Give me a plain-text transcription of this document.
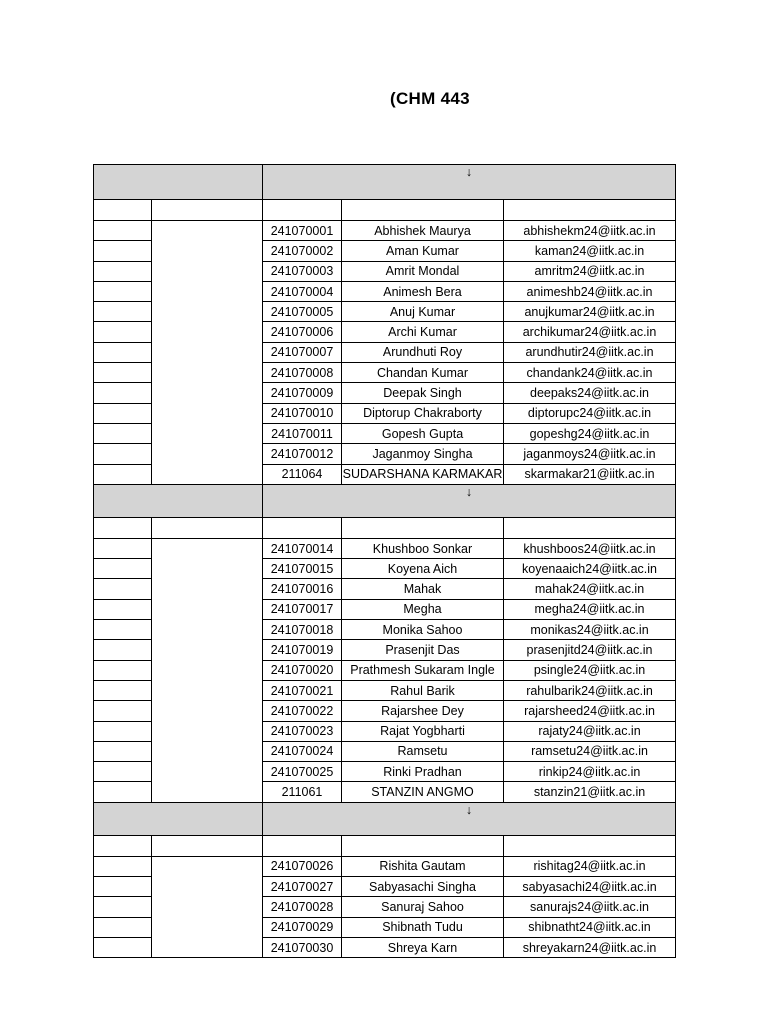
(CHM 443
		↓		

		241070001	Abhishek Maurya	abhishekm24@iitk.ac.in
		241070002	Aman Kumar	kaman24@iitk.ac.in
		241070003	Amrit Mondal	amritm24@iitk.ac.in
		241070004	Animesh Bera	animeshb24@iitk.ac.in
		241070005	Anuj Kumar	anujkumar24@iitk.ac.in
		241070006	Archi Kumar	archikumar24@iitk.ac.in
		241070007	Arundhuti Roy	arundhutir24@iitk.ac.in
		241070008	Chandan Kumar	chandank24@iitk.ac.in
		241070009	Deepak Singh	deepaks24@iitk.ac.in
		241070010	Diptorup Chakraborty	diptorupc24@iitk.ac.in
		241070011	Gopesh Gupta	gopeshg24@iitk.ac.in
		241070012	Jaganmoy Singha	jaganmoys24@iitk.ac.in
		211064	SUDARSHANA KARMAKAR	skarmakar21@iitk.ac.in
		↓		

		241070014	Khushboo Sonkar	khushboos24@iitk.ac.in
		241070015	Koyena Aich	koyenaaich24@iitk.ac.in
		241070016	Mahak	mahak24@iitk.ac.in
		241070017	Megha	megha24@iitk.ac.in
		241070018	Monika Sahoo	monikas24@iitk.ac.in
		241070019	Prasenjit Das	prasenjitd24@iitk.ac.in
		241070020	Prathmesh Sukaram Ingle	psingle24@iitk.ac.in
		241070021	Rahul Barik	rahulbarik24@iitk.ac.in
		241070022	Rajarshee Dey	rajarsheed24@iitk.ac.in
		241070023	Rajat Yogbharti	rajaty24@iitk.ac.in
		241070024	Ramsetu	ramsetu24@iitk.ac.in
		241070025	Rinki Pradhan	rinkip24@iitk.ac.in
		211061	STANZIN ANGMO	stanzin21@iitk.ac.in
		↓		

		241070026	Rishita Gautam	rishitag24@iitk.ac.in
		241070027	Sabyasachi Singha	sabyasachi24@iitk.ac.in
		241070028	Sanuraj Sahoo	sanurajs24@iitk.ac.in
		241070029	Shibnath Tudu	shibnatht24@iitk.ac.in
		241070030	Shreya Karn	shreyakarn24@iitk.ac.in
